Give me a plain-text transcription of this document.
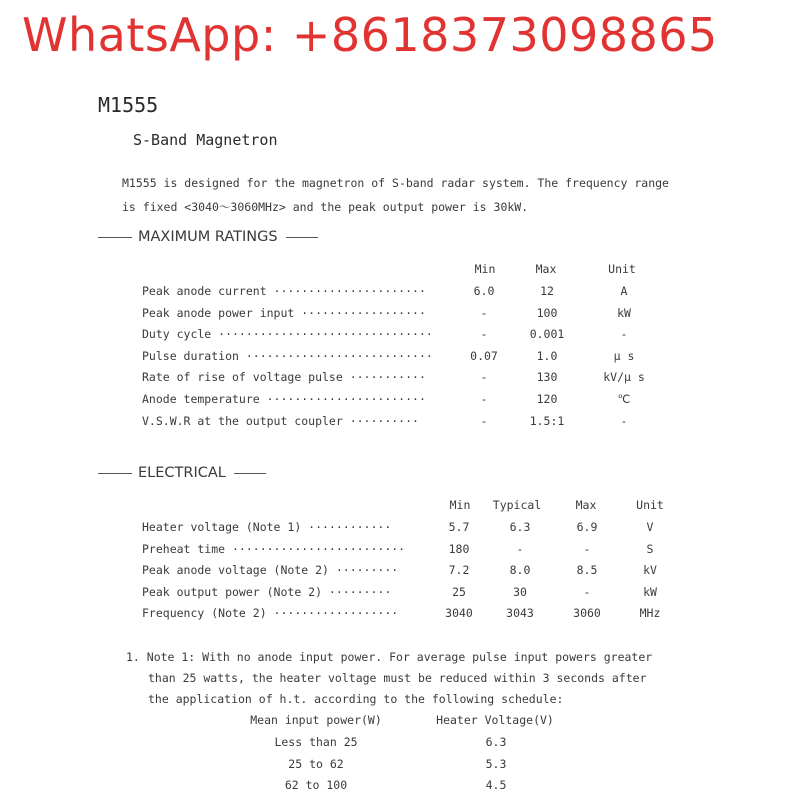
WhatsApp: +8618373098865
M1555
S-Band Magnetron
M1555 is designed for the magnetron of S-band radar system. The frequency range
is fixed <3040〜3060MHz> and the peak output power is 30kW.
MAXIMUM RATINGS
Min	Max	Unit
Peak anode current ······················	6.0	12	A
Peak anode power input ··················	-	100	kW
Duty cycle ·······························	-	0.001	-
Pulse duration ···························	0.07	1.0	μ s
Rate of rise of voltage pulse ···········	-	130	kV/μ s
Anode temperature ·······················	-	120	℃
V.S.W.R at the output coupler ··········	-	1.5:1	-
ELECTRICAL
Min Typical	Max	Unit
Heater voltage (Note 1) ············	5.7	6.3	6.9	V
Preheat time ·························	180	-	-	S
Peak anode voltage (Note 2) ·········	7.2	8.0	8.5	kV
Peak output power (Note 2) ·········	25	30	-	kW
Frequency (Note 2) ··················	3040	3043	3060	MHz
1. Note 1: With no anode input power. For average pulse input powers greater
than 25 watts, the heater voltage must be reduced within 3 seconds after
the application of h.t. according to the following schedule:
Mean input power(W)	Heater Voltage(V)
Less than 25	6.3
25 to 62	5.3
62 to 100	4.5
